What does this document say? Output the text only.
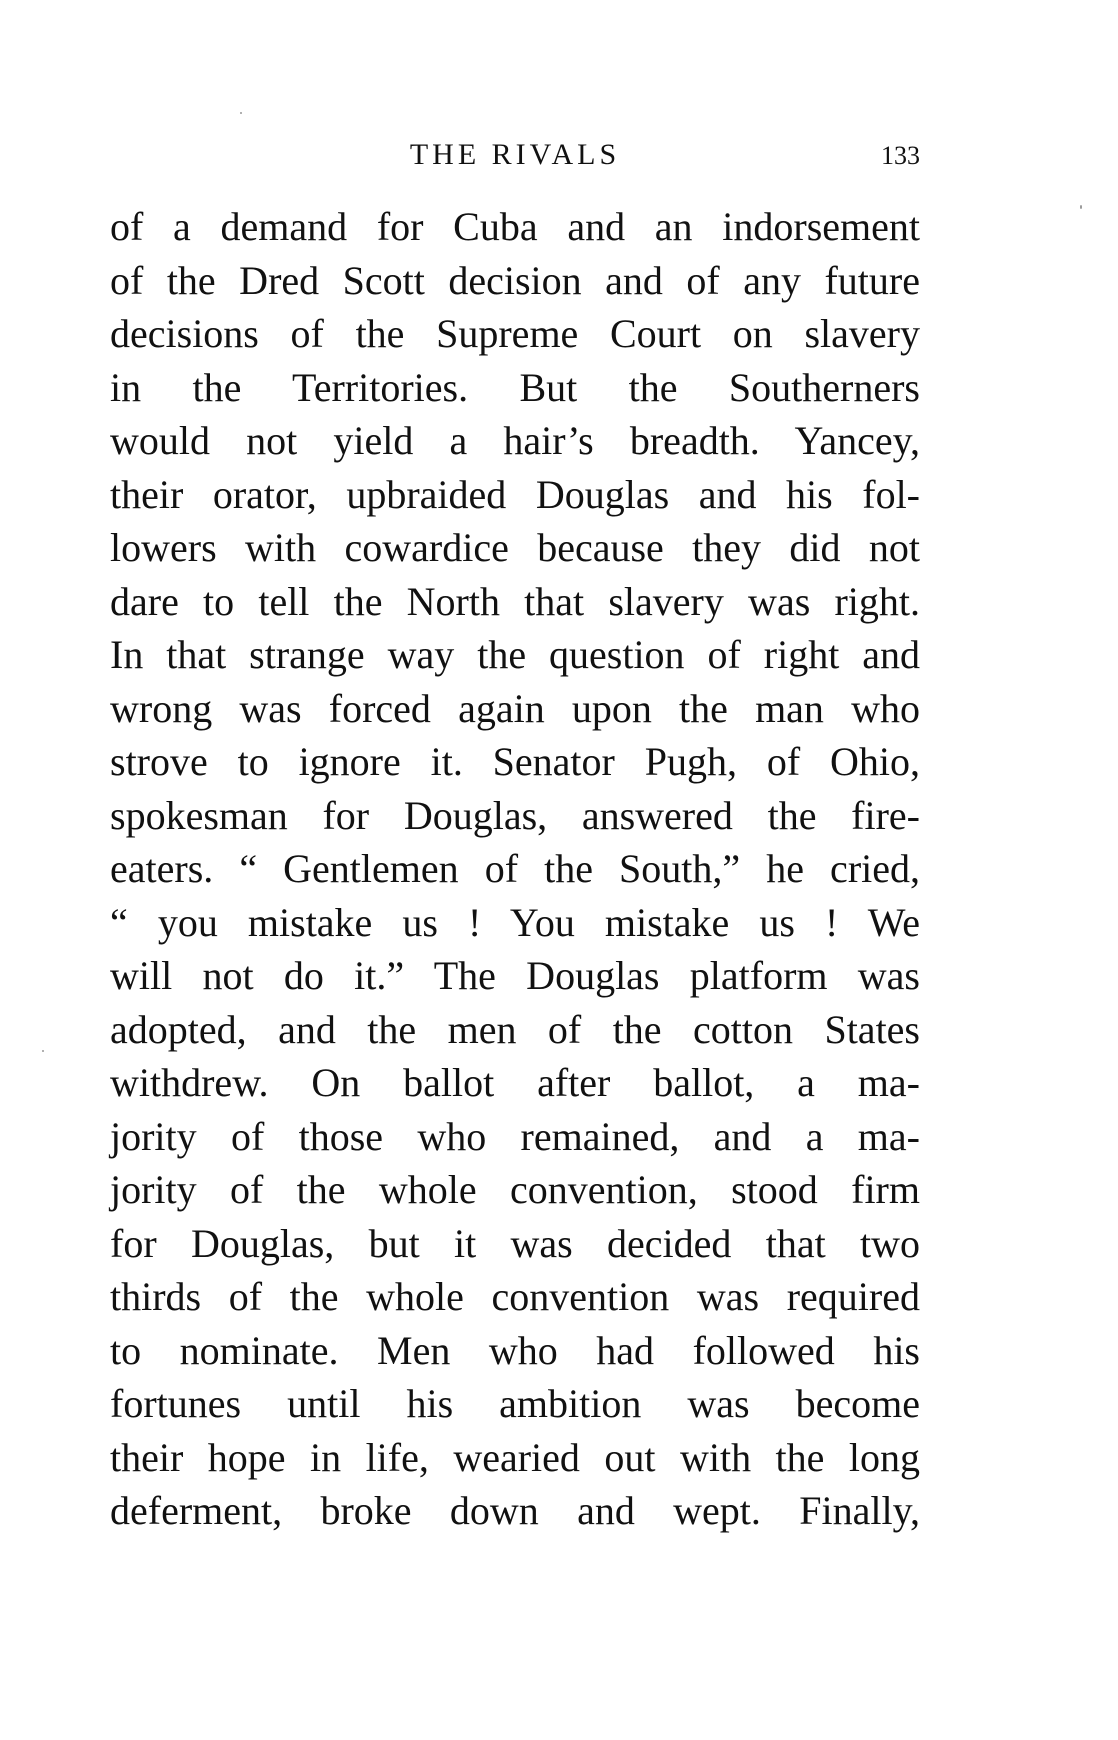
THE RIVALS	133
of a demand for Cuba and an indorsement
of the Dred Scott decision and of any future
decisions of the Supreme Court on slavery
in the Territories. But the Southerners
would not yield a hair’s breadth. Yancey,
their orator, upbraided Douglas and his fol-
lowers with cowardice because they did not
dare to tell the North that slavery was right.
In that strange way the question of right and
wrong was forced again upon the man who
strove to ignore it. Senator Pugh, of Ohio,
spokesman for Douglas, answered the fire-
eaters. “ Gentlemen of the South,” he cried,
“ you mistake us ! You mistake us ! We
will not do it.” The Douglas platform was
adopted, and the men of the cotton States
withdrew. On ballot after ballot, a ma-
jority of those who remained, and a ma-
jority of the whole convention, stood firm
for Douglas, but it was decided that two
thirds of the whole convention was required
to nominate. Men who had followed his
fortunes until his ambition was become
their hope in life, wearied out with the long
deferment, broke down and wept. Finally,
